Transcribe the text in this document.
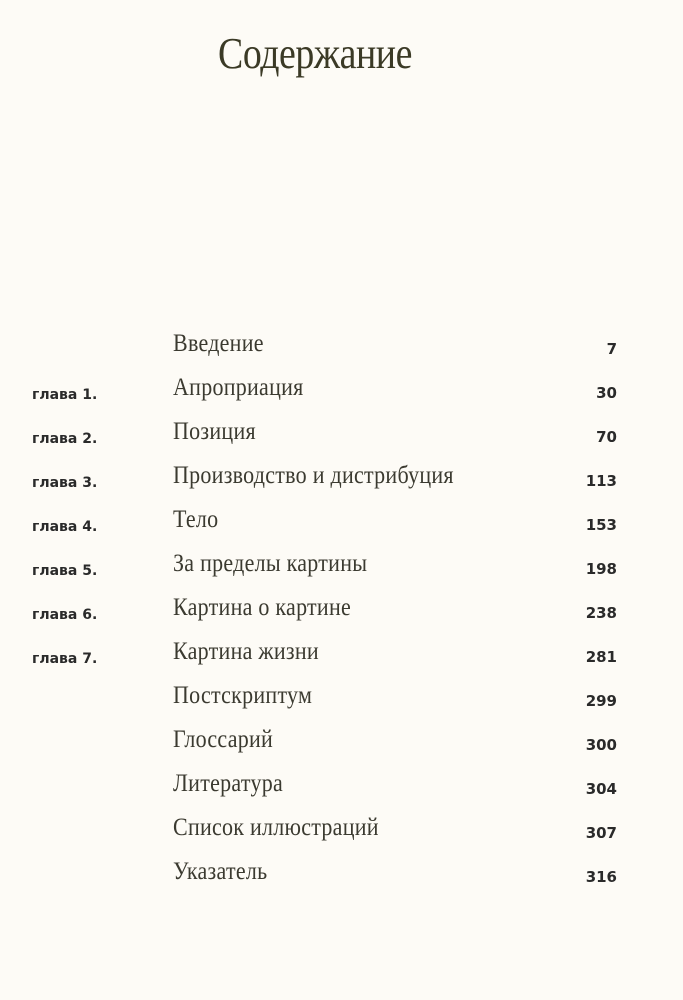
Содержание
Введение	7
глава 1.	Апроприация	30
глава 2.	Позиция	70
глава 3.	Производство и дистрибуция	113
глава 4.	Тело	153
глава 5.	За пределы картины	198
глава 6.	Картина о картине	238
глава 7.	Картина жизни	281
Постскриптум	299
Глоссарий	300
Литература	304
Список иллюстраций	307
Указатель	316
